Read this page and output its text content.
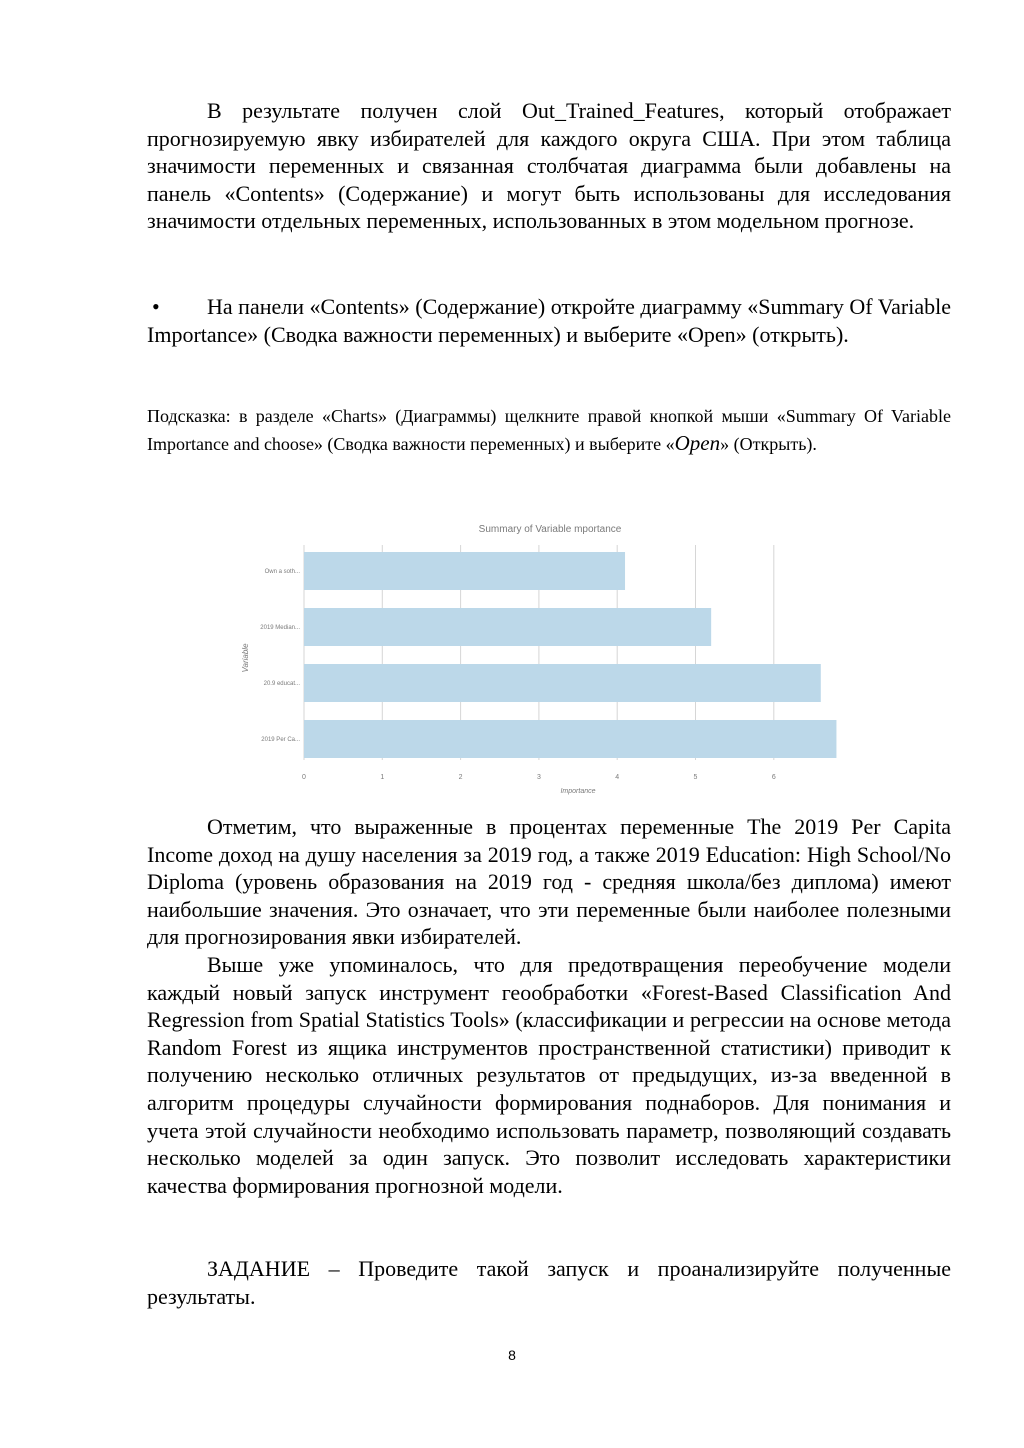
В результате получен слой Out_Trained_Features, который отображает прогнозируемую явку избирателей для каждого округа США. При этом таблица значимости переменных и связанная столбчатая диаграмма были добавлены на панель «Contents» (Содержание) и могут быть использованы для исследования значимости отдельных переменных, использованных в этом модельном прогнозе.

•	На панели «Contents» (Содержание) откройте диаграмму «Summary Of Variable Importance» (Сводка важности переменных) и выберите «Open» (открыть).

Подсказка: в разделе «Charts» (Диаграммы) щелкните правой кнопкой мыши «Summary Of Variable Importance and choose» (Сводка важности переменных) и выберите «Open» (Открыть).

Summary of Variable mportance
Own a soth...
2019 Median...
20.9 educat...
2019 Per Ca...
0	1	2	3	4	5	6
Importance
Variable

Отметим, что выраженные в процентах переменные The 2019 Per Capita Income доход на душу населения за 2019 год, а также 2019 Education: High School/No Diploma (уровень образования на 2019 год - средняя школа/без диплома) имеют наибольшие значения. Это означает, что эти переменные были наиболее полезными для прогнозирования явки избирателей.

Выше уже упоминалось, что для предотвращения переобучение модели каждый новый запуск инструмент геообработки «Forest-Based Classification And Regression from Spatial Statistics Tools» (классификации и регрессии на основе метода Random Forest из ящика инструментов пространственной статистики) приводит к получению несколько отличных результатов от предыдущих, из-за введенной в алгоритм процедуры случайности формирования поднаборов. Для понимания и учета этой случайности необходимо использовать параметр, позволяющий создавать несколько моделей за один запуск. Это позволит исследовать характеристики качества формирования прогнозной модели.

ЗАДАНИЕ – Проведите такой запуск и проанализируйте полученные результаты.

8
